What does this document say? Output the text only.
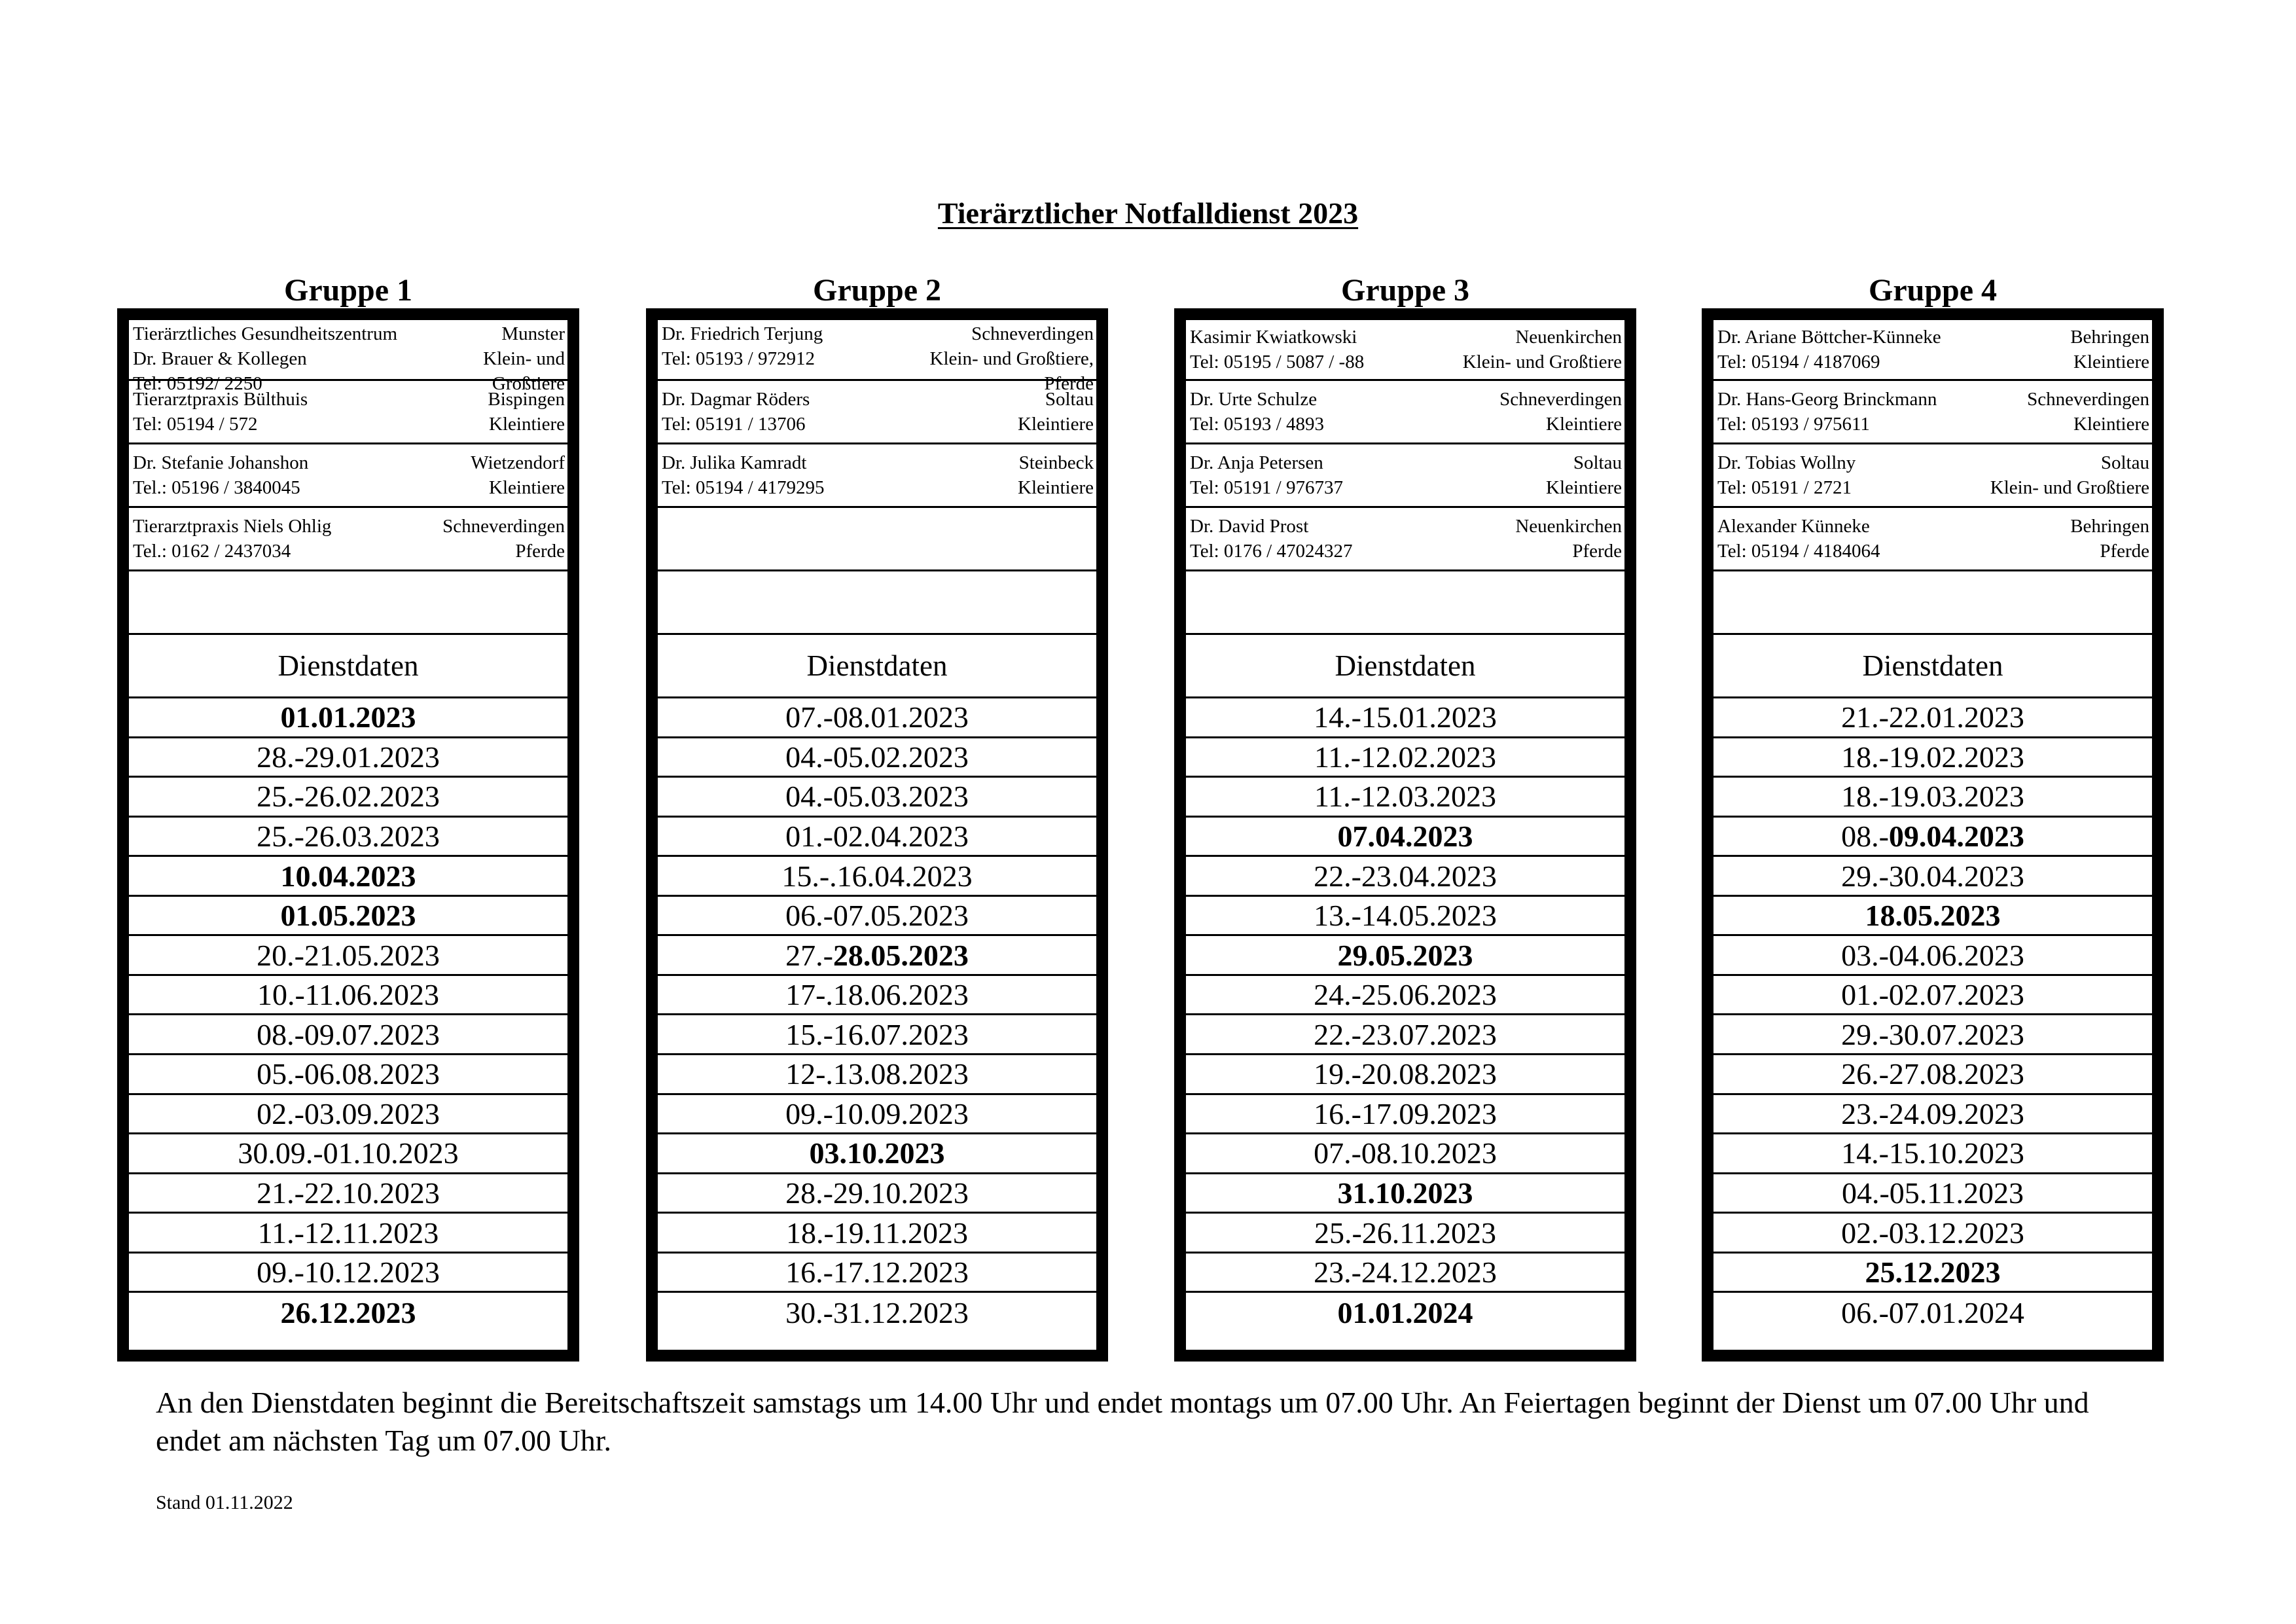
Tierärztlicher Notfalldienst 2023
Gruppe 1
Tierärztliches Gesundheitszentrum	Munster
Dr. Brauer & Kollegen	Klein- und
Tel: 05192/ 2250	Großtiere
Tierarztpraxis Bülthuis	Bispingen
Tel: 05194 / 572	Kleintiere
Dr. Stefanie Johanshon	Wietzendorf
Tel.: 05196 / 3840045	Kleintiere
Tierarztpraxis Niels Ohlig	Schneverdingen
Tel.: 0162 / 2437034	Pferde
Dienstdaten
01.01.2023
28.-29.01.2023
25.-26.02.2023
25.-26.03.2023
10.04.2023
01.05.2023
20.-21.05.2023
10.-11.06.2023
08.-09.07.2023
05.-06.08.2023
02.-03.09.2023
30.09.-01.10.2023
21.-22.10.2023
11.-12.11.2023
09.-10.12.2023
26.12.2023
Gruppe 2
Dr. Friedrich Terjung	Schneverdingen
Tel: 05193 / 972912	Klein- und Großtiere,
Pferde
Dr. Dagmar Röders	Soltau
Tel: 05191 / 13706	Kleintiere
Dr. Julika Kamradt	Steinbeck
Tel: 05194 / 4179295	Kleintiere
Dienstdaten
07.-08.01.2023
04.-05.02.2023
04.-05.03.2023
01.-02.04.2023
15.-.16.04.2023
06.-07.05.2023
27.- 28.05.2023
17-.18.06.2023
15.-16.07.2023
12-.13.08.2023
09.-10.09.2023
03.10.2023
28.-29.10.2023
18.-19.11.2023
16.-17.12.2023
30.-31.12.2023
Gruppe 3
Kasimir Kwiatkowski	Neuenkirchen
Tel: 05195 / 5087 / -88	Klein- und Großtiere
Dr. Urte Schulze	Schneverdingen
Tel: 05193 / 4893	Kleintiere
Dr. Anja Petersen	Soltau
Tel: 05191 / 976737	Kleintiere
Dr. David Prost	Neuenkirchen
Tel: 0176 / 47024327	Pferde
Dienstdaten
14.-15.01.2023
11.-12.02.2023
11.-12.03.2023
07.04.2023
22.-23.04.2023
13.-14.05.2023
29.05.2023
24.-25.06.2023
22.-23.07.2023
19.-20.08.2023
16.-17.09.2023
07.-08.10.2023
31.10.2023
25.-26.11.2023
23.-24.12.2023
01.01.2024
Gruppe 4
Dr. Ariane Böttcher-Künneke	Behringen
Tel: 05194 / 4187069	Kleintiere
Dr. Hans-Georg Brinckmann	Schneverdingen
Tel: 05193 / 975611	Kleintiere
Dr. Tobias Wollny	Soltau
Tel: 05191 / 2721	Klein- und Großtiere
Alexander Künneke	Behringen
Tel: 05194 / 4184064	Pferde
Dienstdaten
21.-22.01.2023
18.-19.02.2023
18.-19.03.2023
08.- 09.04.2023
29.-30.04.2023
18.05.2023
03.-04.06.2023
01.-02.07.2023
29.-30.07.2023
26.-27.08.2023
23.-24.09.2023
14.-15.10.2023
04.-05.11.2023
02.-03.12.2023
25.12.2023
06.-07.01.2024
An den Dienstdaten beginnt die Bereitschaftszeit samstags um 14.00 Uhr und endet montags um 07.00 Uhr. An Feiertagen beginnt der Dienst um 07.00 Uhr und endet am nächsten Tag um 07.00 Uhr.
Stand 01.11.2022
